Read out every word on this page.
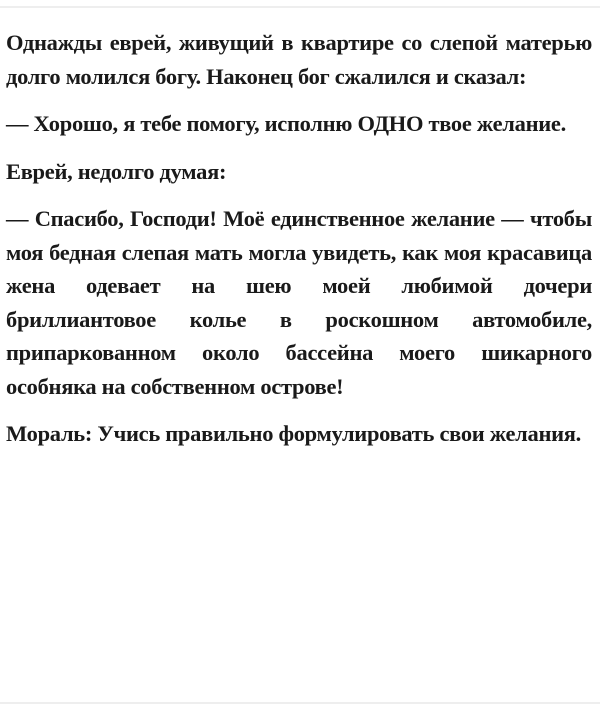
Однажды еврей, живущий в квартире со слепой матерью долго молился богу. Наконец бог сжалился и сказал:

— Хорошо, я тебе помогу, исполню ОДНО твое желание.

Еврей, недолго думая:

— Спасибо, Господи! Моё единственное желание — чтобы моя бедная слепая мать могла увидеть, как моя красавица жена одевает на шею моей любимой дочери бриллиантовое колье в роскошном автомобиле, припаркованном около бассейна моего шикарного особняка на собственном острове!

Мораль: Учись правильно формулировать свои желания.
